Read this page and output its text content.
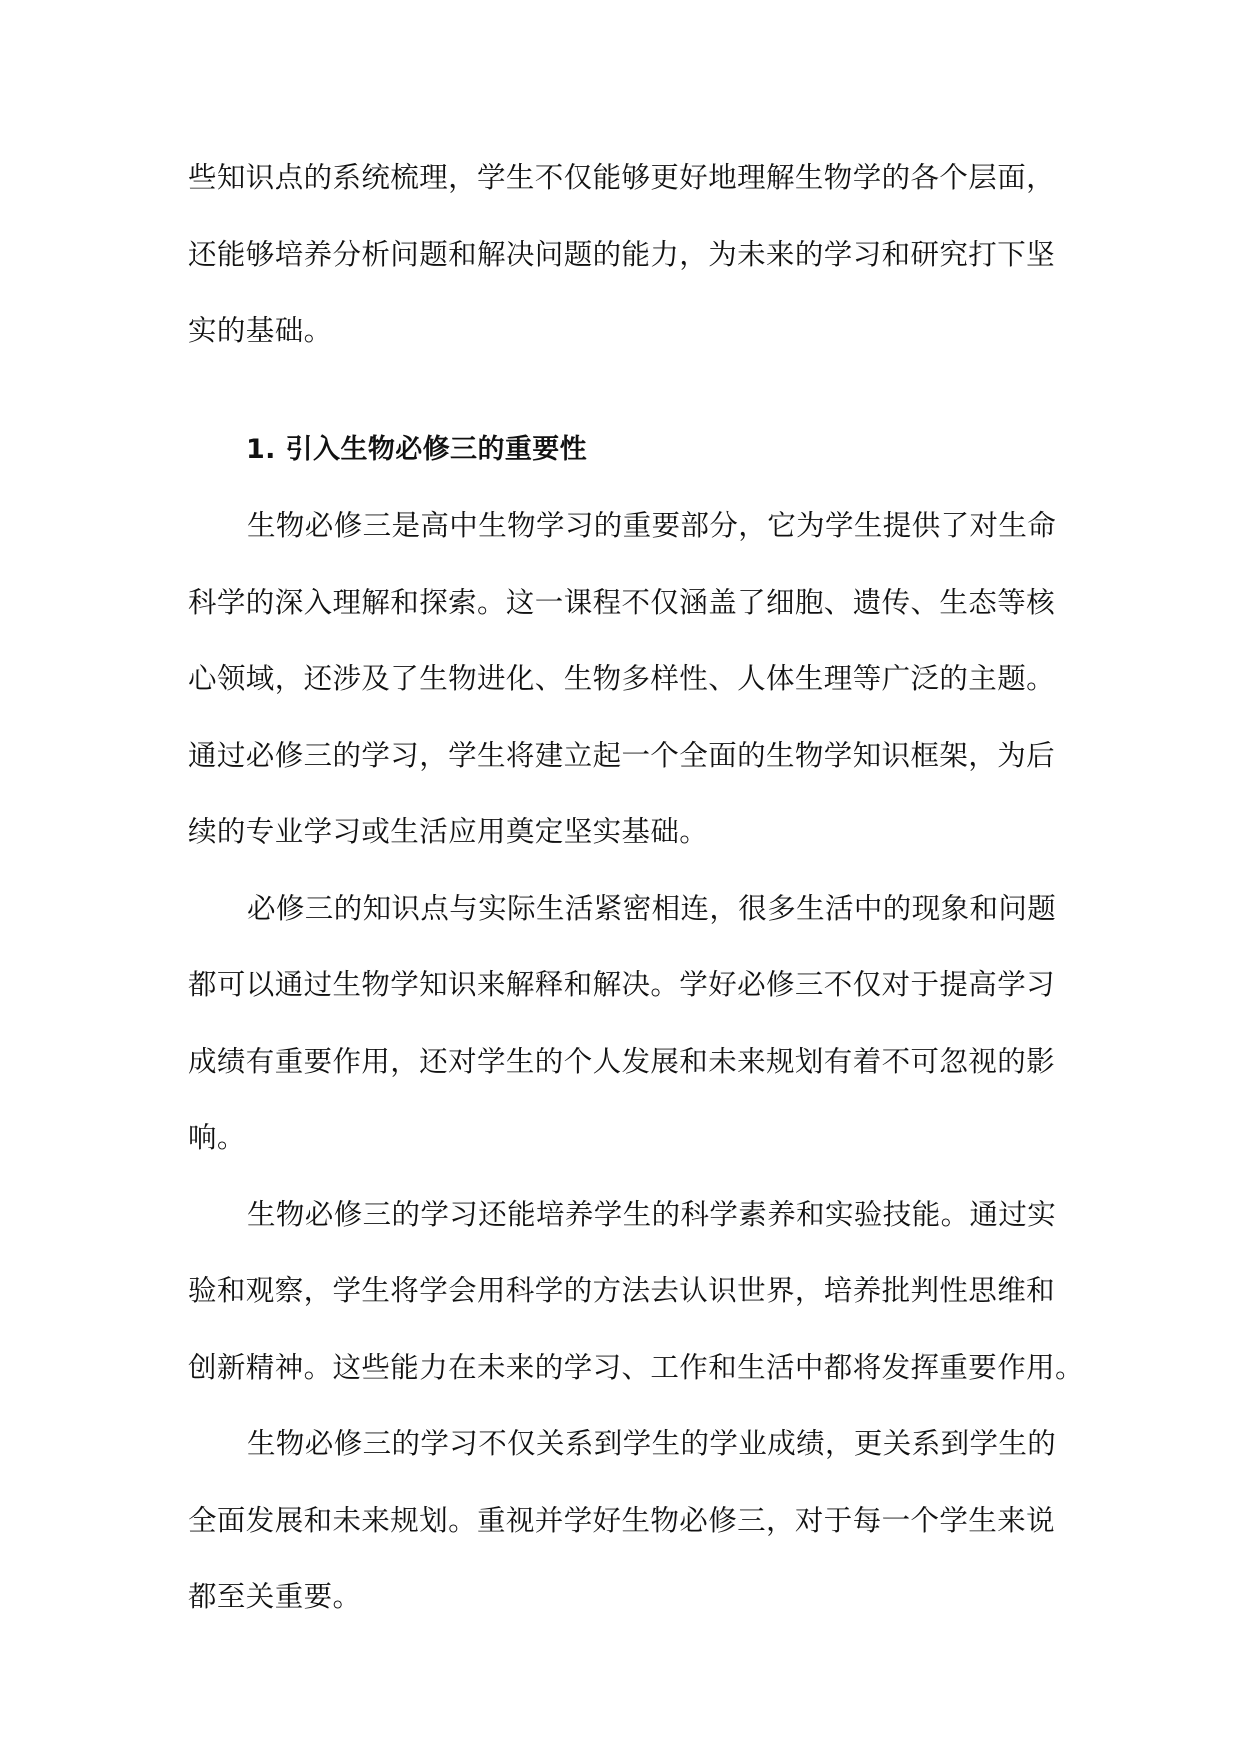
些知识点的系统梳理，学生不仅能够更好地理解生物学的各个层面，
还能够培养分析问题和解决问题的能力，为未来的学习和研究打下坚
实的基础。
1. 引入生物必修三的重要性
生物必修三是高中生物学习的重要部分，它为学生提供了对生命
科学的深入理解和探索。这一课程不仅涵盖了细胞、遗传、生态等核
心领域，还涉及了生物进化、生物多样性、人体生理等广泛的主题。
通过必修三的学习，学生将建立起一个全面的生物学知识框架，为后
续的专业学习或生活应用奠定坚实基础。
必修三的知识点与实际生活紧密相连，很多生活中的现象和问题
都可以通过生物学知识来解释和解决。学好必修三不仅对于提高学习
成绩有重要作用，还对学生的个人发展和未来规划有着不可忽视的影
响。
生物必修三的学习还能培养学生的科学素养和实验技能。通过实
验和观察，学生将学会用科学的方法去认识世界，培养批判性思维和
创新精神。这些能力在未来的学习、工作和生活中都将发挥重要作用。
生物必修三的学习不仅关系到学生的学业成绩，更关系到学生的
全面发展和未来规划。重视并学好生物必修三，对于每一个学生来说
都至关重要。
